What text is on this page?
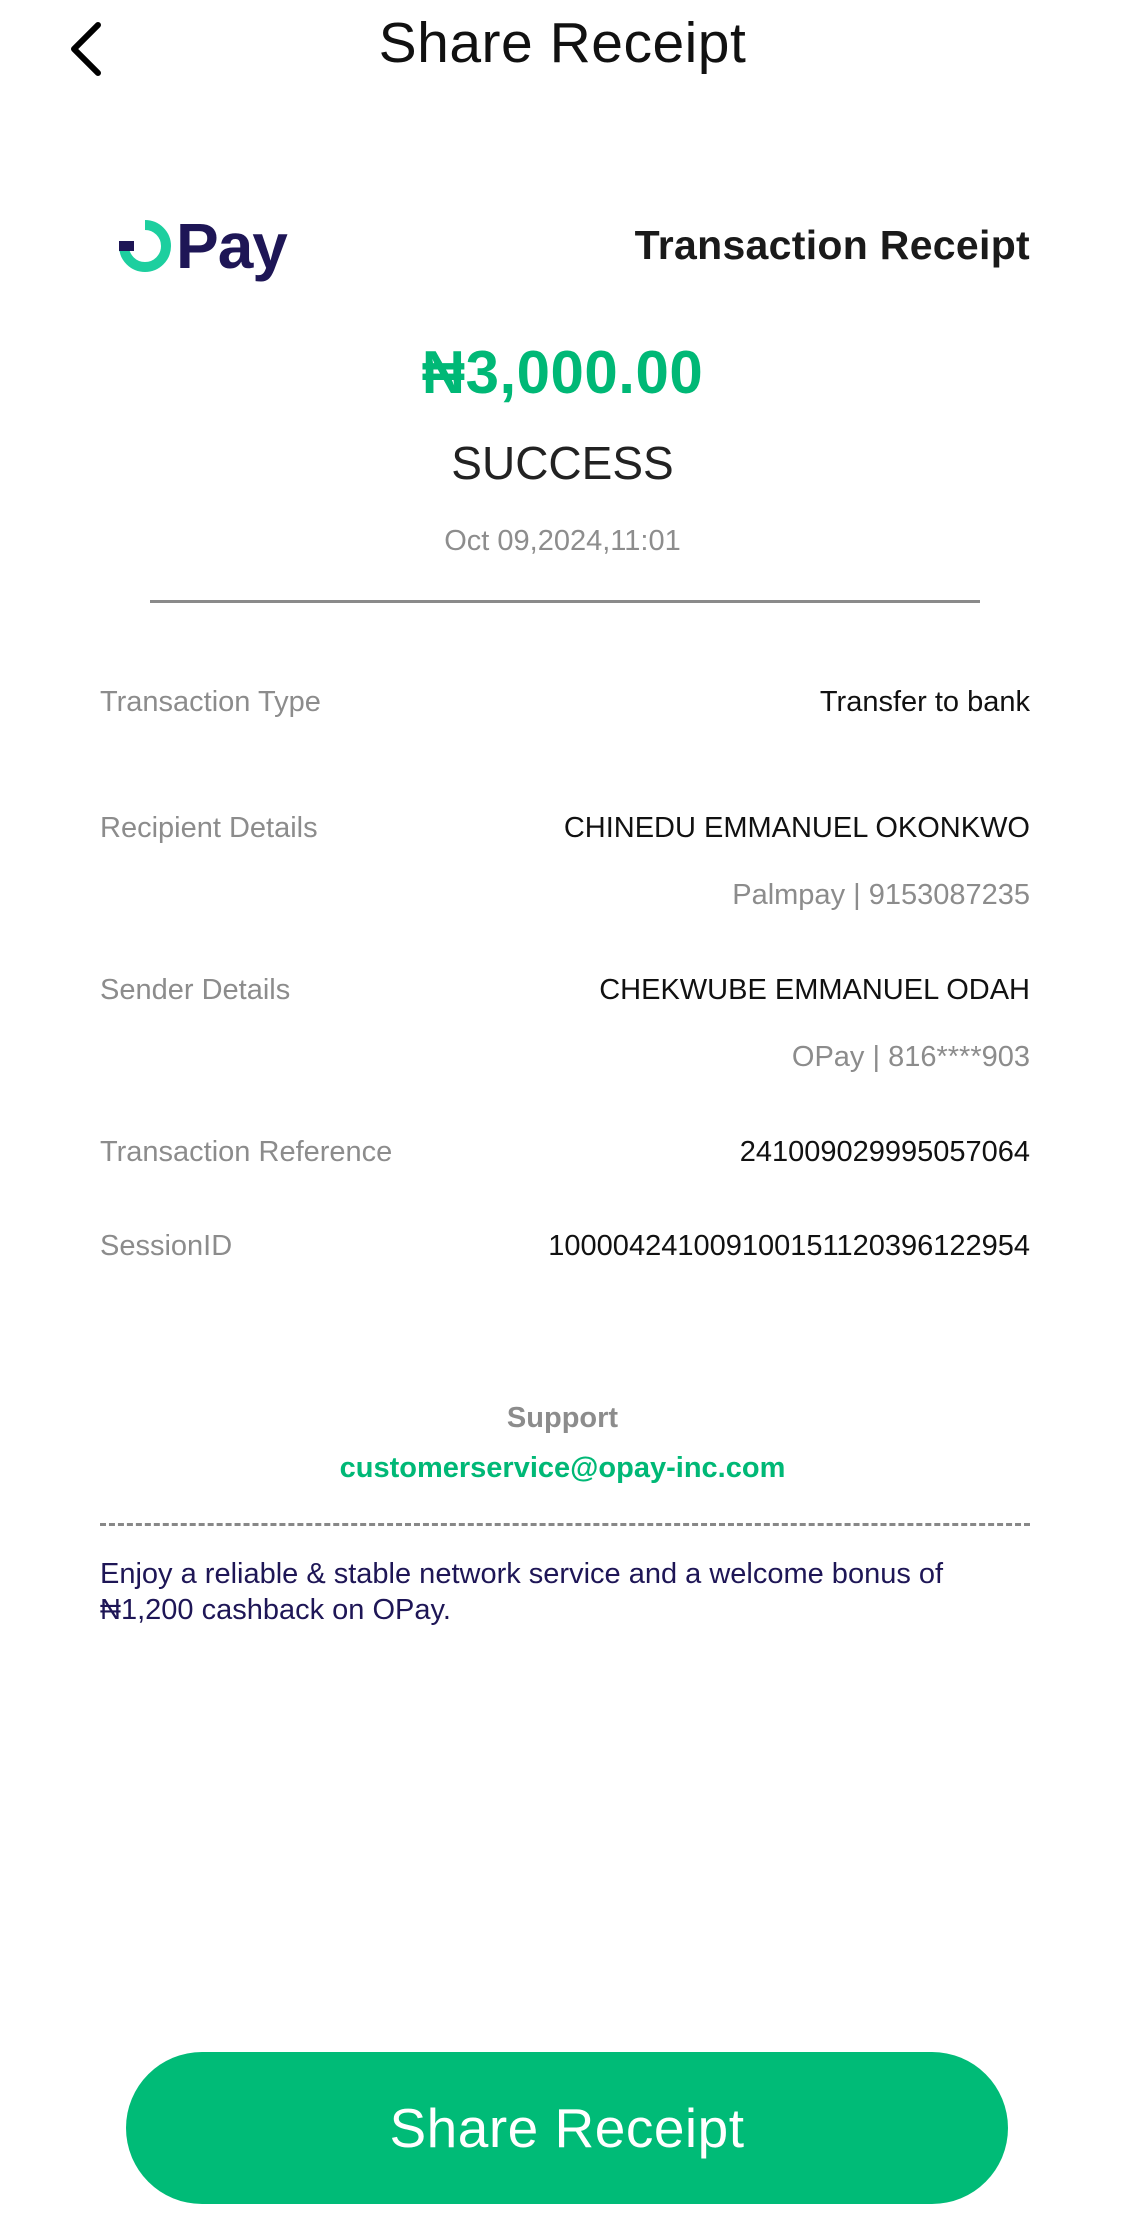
Share Receipt
Pay	Transaction Receipt
₦3,000.00
SUCCESS
Oct 09,2024,11:01
Transaction Type	Transfer to bank
Recipient Details	CHINEDU EMMANUEL OKONKWO
Palmpay | 9153087235
Sender Details	CHEKWUBE EMMANUEL ODAH
OPay | 816****903
Transaction Reference	241009029995057064
SessionID	100004241009100151120396122954
Support
customerservice@opay-inc.com
Enjoy a reliable & stable network service and a welcome bonus of ₦1,200 cashback on OPay.
Share Receipt
